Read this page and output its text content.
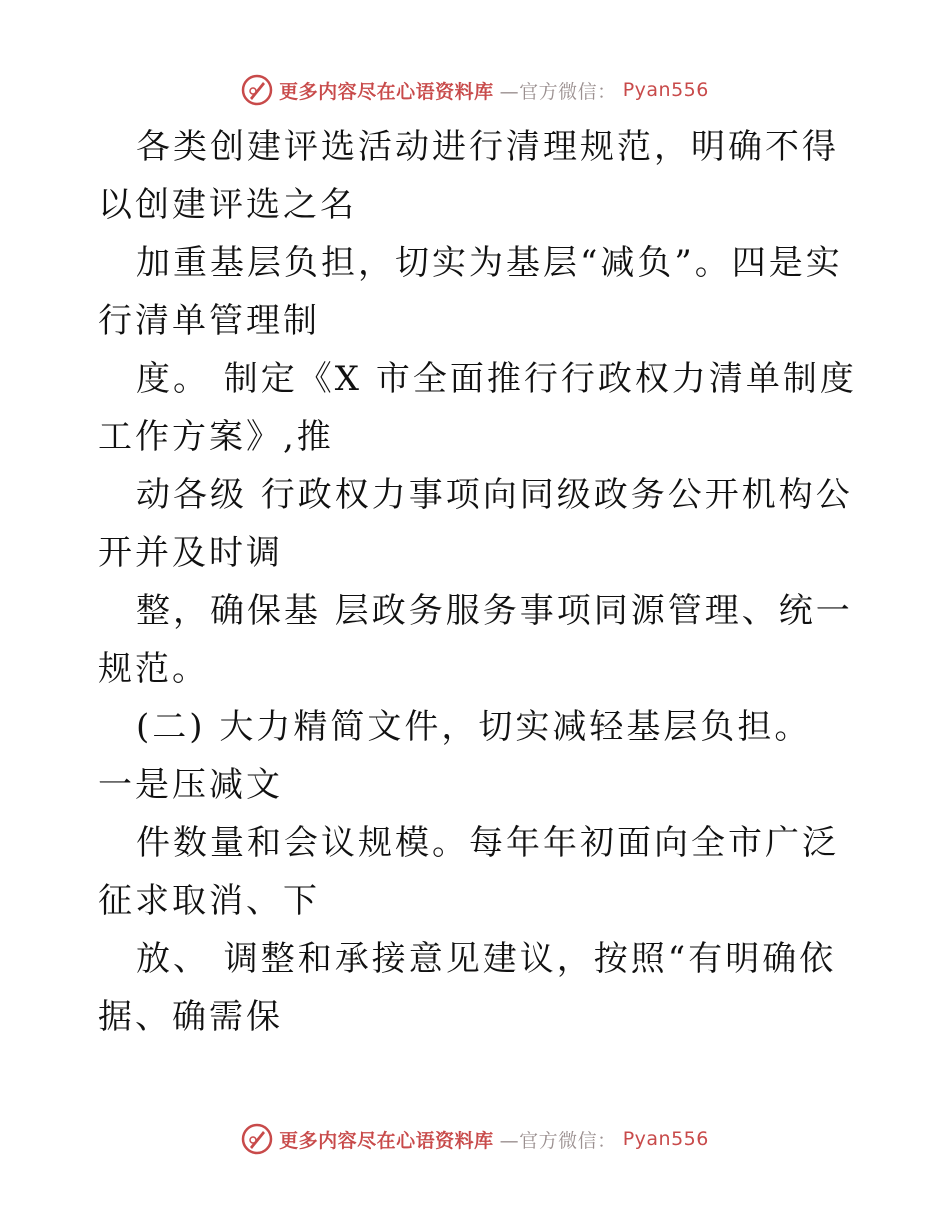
更多内容尽在心语资料库 —官方微信： Pyan556

各类创建评选活动进行清理规范，明确不得以创建评选之名

加重基层负担，切实为基层“减负”。四是实行清单管理制

度。 制定《X 市全面推行行政权力清单制度工作方案》,推

动各级 行政权力事项向同级政务公开机构公开并及时调

整，确保基 层政务服务事项同源管理、统一规范。

(二) 大力精简文件，切实减轻基层负担。 一是压减文

件数量和会议规模。每年年初面向全市广泛征求取消、下

放、 调整和承接意见建议，按照“有明确依据、确需保

更多内容尽在心语资料库 —官方微信： Pyan556
